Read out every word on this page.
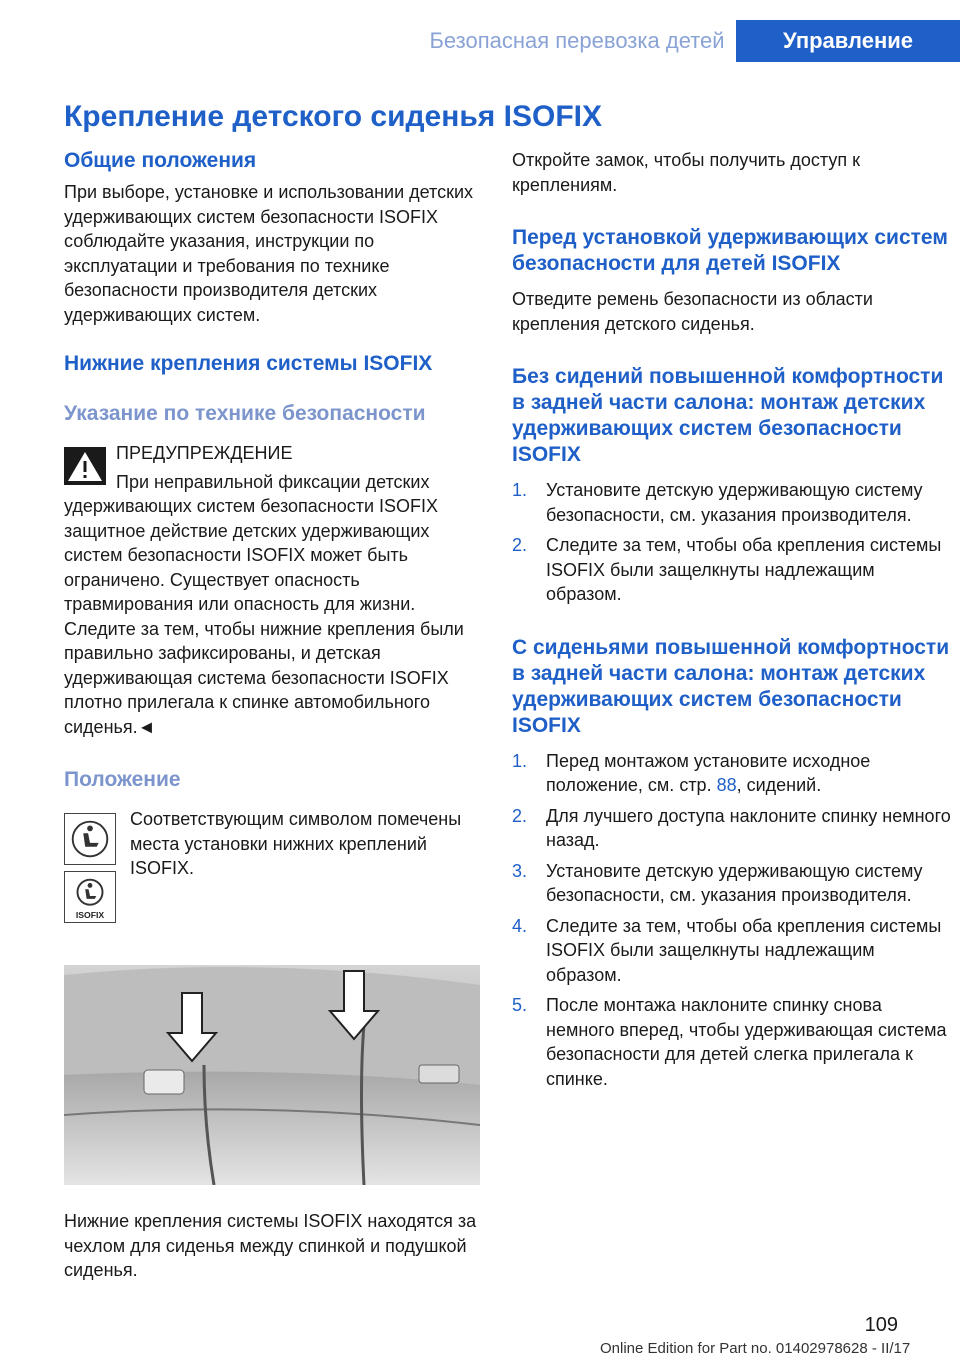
Безопасная перевозка детей	Управление
Крепление детского сиденья ISOFIX
Общие положения

При выборе, установке и использовании детских удерживающих систем безопасности ISOFIX соблюдайте указания, инструкции по эксплуатации и требования по технике безопасности производителя детских удерживающих систем.

Нижние крепления системы ISOFIX
Указание по технике безопасности
ПРЕДУПРЕЖДЕНИЕ

При неправильной фиксации детских удерживающих систем безопасности ISOFIX защитное действие детских удерживающих систем безопасности ISOFIX может быть ограничено. Существует опасность травмирования или опасность для жизни. Следите за тем, чтобы нижние крепления были правильно зафиксированы, и детская удерживающая система безопасности ISOFIX плотно прилегала к спинке автомобильного сиденья.◄

Положение
ISOFIX

Соответствующим символом помечены места установки нижних креплений ISOFIX.

Нижние крепления системы ISOFIX находятся за чехлом для сиденья между спинкой и подушкой сиденья.

Откройте замок, чтобы получить доступ к креплениям.

Перед установкой удерживающих систем безопасности для детей ISOFIX

Отведите ремень безопасности из области крепления детского сиденья.

Без сидений повышенной комфортности в задней части салона: монтаж детских удерживающих систем безопасности ISOFIX
1.	Установите детскую удерживающую систему безопасности, см. указания производителя.
2.	Следите за тем, чтобы оба крепления системы ISOFIX были защелкнуты надлежащим образом.
С сиденьями повышенной комфортности в задней части салона: монтаж детских удерживающих систем безопасности ISOFIX
1.	Перед монтажом установите исходное положение, см. стр. 88, сидений.
2.	Для лучшего доступа наклоните спинку немного назад.
3.	Установите детскую удерживающую систему безопасности, см. указания производителя.
4.	Следите за тем, чтобы оба крепления системы ISOFIX были защелкнуты надлежащим образом.
5.	После монтажа наклоните спинку снова немного вперед, чтобы удерживающая система безопасности для детей слегка прилегала к спинке.
109
Online Edition for Part no. 01402978628 - II/17
